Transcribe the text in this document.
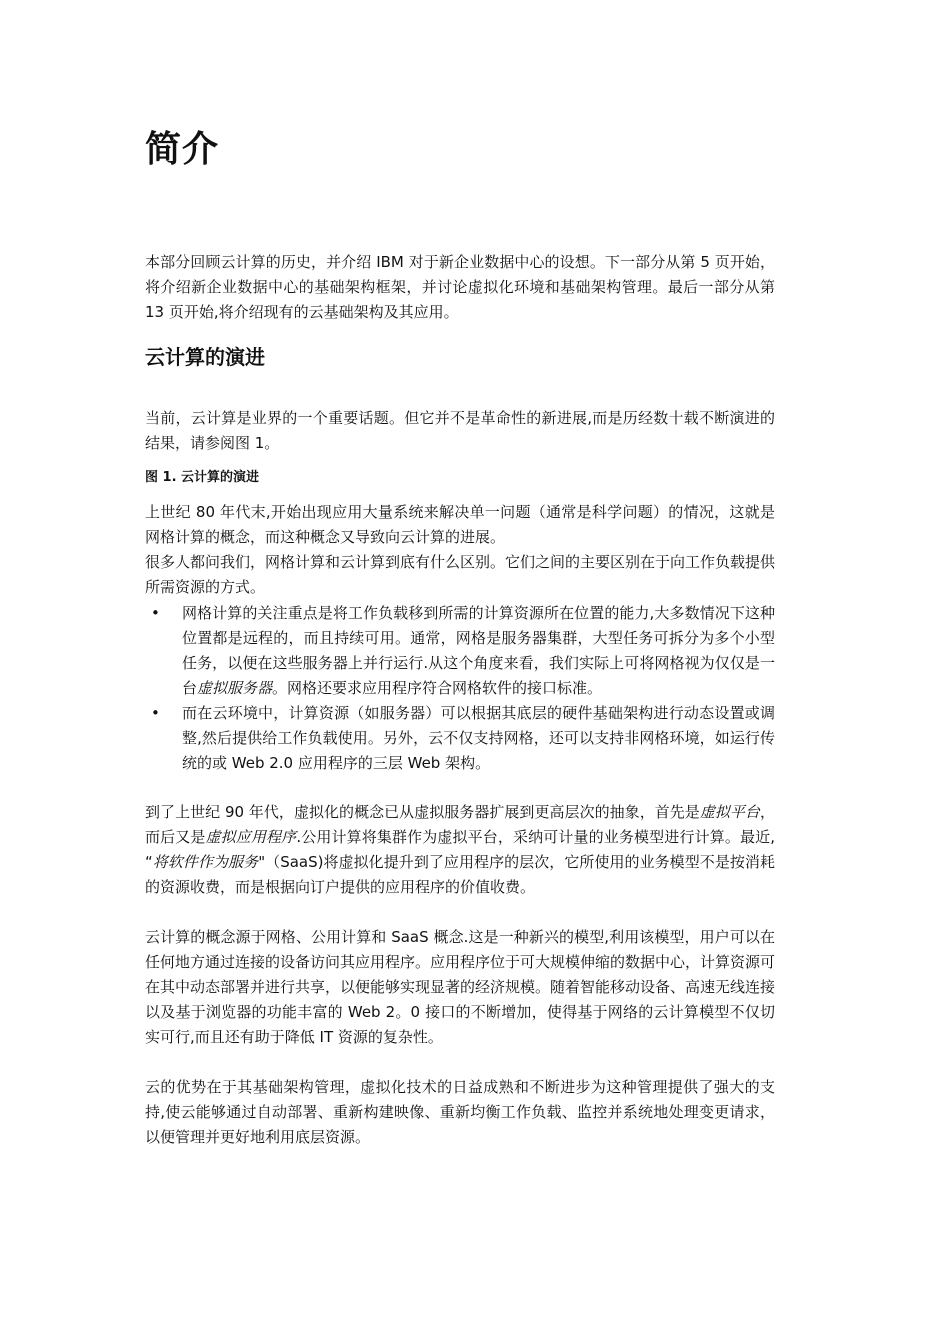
简介

本部分回顾云计算的历史，并介绍 IBM 对于新企业数据中心的设想。下一部分从第 5 页开始，将介绍新企业数据中心的基础架构框架，并讨论虚拟化环境和基础架构管理。最后一部分从第 13 页开始,将介绍现有的云基础架构及其应用。

云计算的演进

当前，云计算是业界的一个重要话题。但它并不是革命性的新进展,而是历经数十载不断演进的结果，请参阅图 1。

图 1. 云计算的演进

上世纪 80 年代末,开始出现应用大量系统来解决单一问题（通常是科学问题）的情况，这就是网格计算的概念，而这种概念又导致向云计算的进展。

很多人都问我们，网格计算和云计算到底有什么区别。它们之间的主要区别在于向工作负载提供所需资源的方式。

• 网格计算的关注重点是将工作负载移到所需的计算资源所在位置的能力,大多数情况下这种位置都是远程的，而且持续可用。通常，网格是服务器集群，大型任务可拆分为多个小型任务，以便在这些服务器上并行运行.从这个角度来看，我们实际上可将网格视为仅仅是一台虚拟服务器。网格还要求应用程序符合网格软件的接口标准。
• 而在云环境中，计算资源（如服务器）可以根据其底层的硬件基础架构进行动态设置或调整,然后提供给工作负载使用。另外，云不仅支持网格，还可以支持非网格环境，如运行传统的或 Web 2.0 应用程序的三层 Web 架构。

到了上世纪 90 年代，虚拟化的概念已从虚拟服务器扩展到更高层次的抽象，首先是虚拟平台，而后又是虚拟应用程序.公用计算将集群作为虚拟平台，采纳可计量的业务模型进行计算。最近, “将软件作为服务"（SaaS)将虚拟化提升到了应用程序的层次，它所使用的业务模型不是按消耗的资源收费，而是根据向订户提供的应用程序的价值收费。

云计算的概念源于网格、公用计算和 SaaS 概念.这是一种新兴的模型,利用该模型，用户可以在任何地方通过连接的设备访问其应用程序。应用程序位于可大规模伸缩的数据中心，计算资源可在其中动态部署并进行共享，以便能够实现显著的经济规模。随着智能移动设备、高速无线连接以及基于浏览器的功能丰富的 Web 2。0 接口的不断增加，使得基于网络的云计算模型不仅切实可行,而且还有助于降低 IT 资源的复杂性。

云的优势在于其基础架构管理，虚拟化技术的日益成熟和不断进步为这种管理提供了强大的支持,使云能够通过自动部署、重新构建映像、重新均衡工作负载、监控并系统地处理变更请求，以便管理并更好地利用底层资源。
